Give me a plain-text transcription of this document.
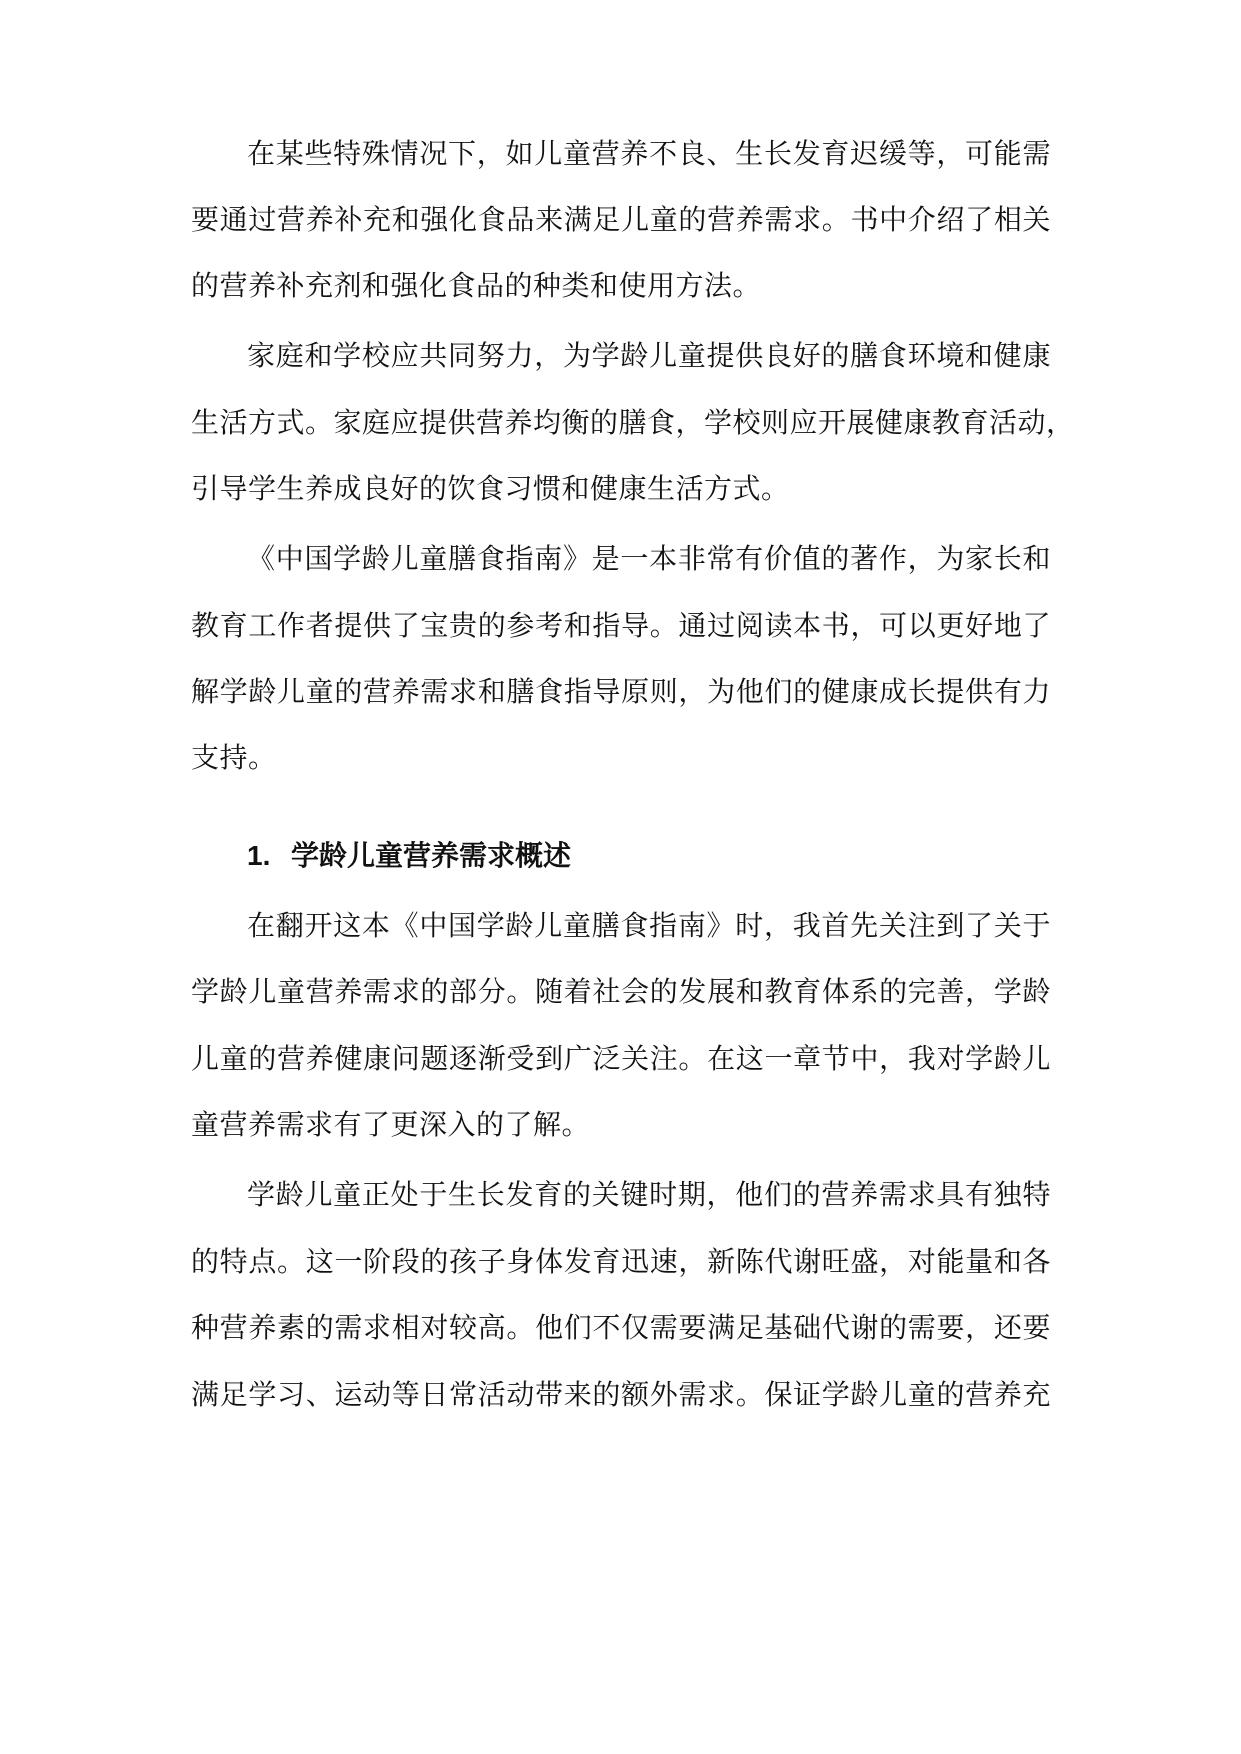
在某些特殊情况下，如儿童营养不良、生长发育迟缓等，可能需
要通过营养补充和强化食品来满足儿童的营养需求。书中介绍了相关
的营养补充剂和强化食品的种类和使用方法。
家庭和学校应共同努力，为学龄儿童提供良好的膳食环境和健康
生活方式。家庭应提供营养均衡的膳食，学校则应开展健康教育活动，
引导学生养成良好的饮食习惯和健康生活方式。
《中国学龄儿童膳食指南》是一本非常有价值的著作，为家长和
教育工作者提供了宝贵的参考和指导。通过阅读本书，可以更好地了
解学龄儿童的营养需求和膳食指导原则，为他们的健康成长提供有力
支持。
1. 学龄儿童营养需求概述
在翻开这本《中国学龄儿童膳食指南》时，我首先关注到了关于
学龄儿童营养需求的部分。随着社会的发展和教育体系的完善，学龄
儿童的营养健康问题逐渐受到广泛关注。在这一章节中，我对学龄儿
童营养需求有了更深入的了解。
学龄儿童正处于生长发育的关键时期，他们的营养需求具有独特
的特点。这一阶段的孩子身体发育迅速，新陈代谢旺盛，对能量和各
种营养素的需求相对较高。他们不仅需要满足基础代谢的需要，还要
满足学习、运动等日常活动带来的额外需求。保证学龄儿童的营养充
